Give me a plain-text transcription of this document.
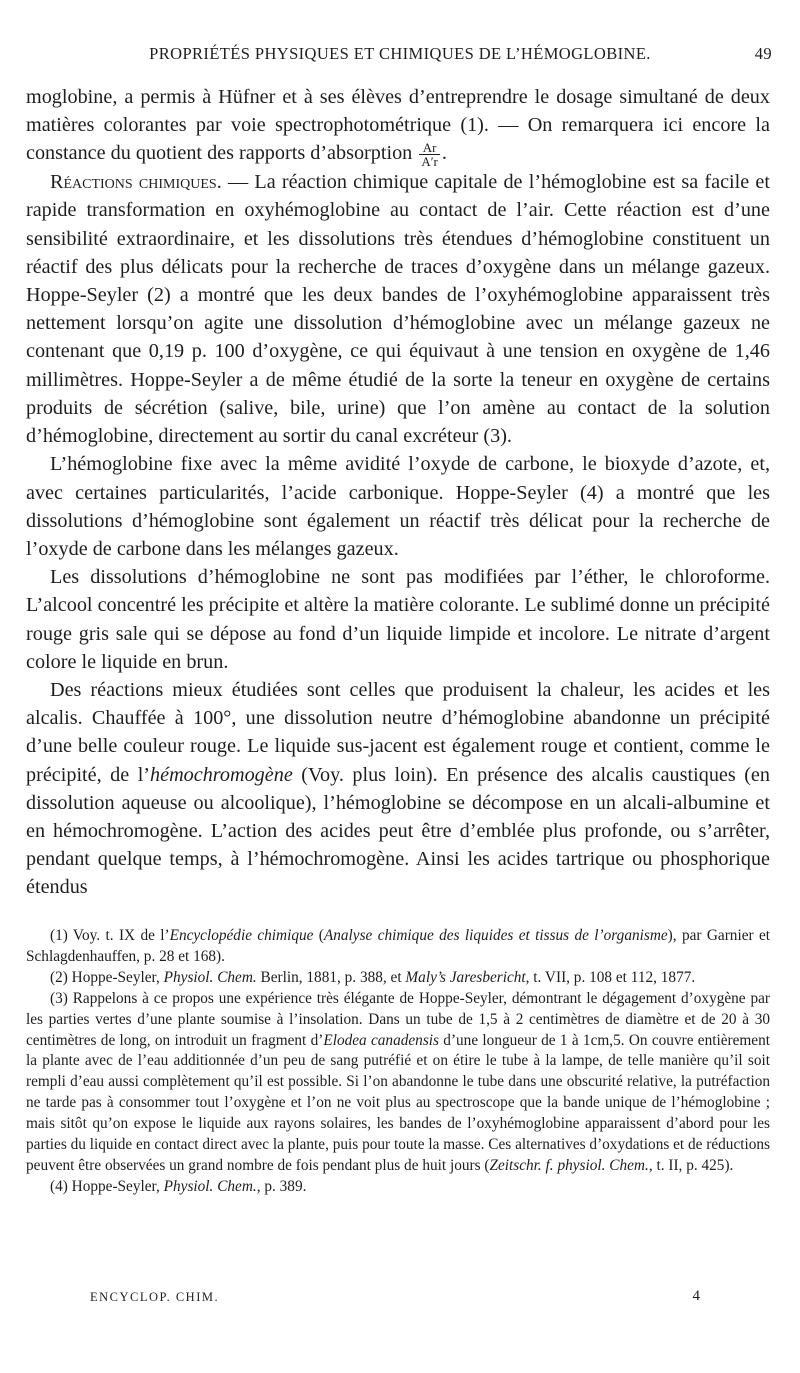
PROPRIÉTÉS PHYSIQUES ET CHIMIQUES DE L’HÉMOGLOBINE.	49

moglobine, a permis à Hüfner et à ses élèves d’entreprendre le dosage simultané de deux matières colorantes par voie spectrophotométrique (1). — On remarquera ici encore la constance du quotient des rapports d’absorption $\frac{Ar}{A'r}$ .

Réactions chimiques. — La réaction chimique capitale de l’hémoglobine est sa facile et rapide transformation en oxyhémoglobine au contact de l’air. Cette réaction est d’une sensibilité extraordinaire, et les dissolutions très étendues d’hémoglobine constituent un réactif des plus délicats pour la recherche de traces d’oxygène dans un mélange gazeux. Hoppe-Seyler (2) a montré que les deux bandes de l’oxyhémoglobine apparaissent très nettement lorsqu’on agite une dissolution d’hémoglobine avec un mélange gazeux ne contenant que 0,19 p. 100 d’oxygène, ce qui équivaut à une tension en oxygène de 1,46 millimètres. Hoppe-Seyler a de même étudié de la sorte la teneur en oxygène de certains produits de sécrétion (salive, bile, urine) que l’on amène au contact de la solution d’hémoglobine, directement au sortir du canal excréteur (3).

L’hémoglobine fixe avec la même avidité l’oxyde de carbone, le bioxyde d’azote, et, avec certaines particularités, l’acide carbonique. Hoppe-Seyler (4) a montré que les dissolutions d’hémoglobine sont également un réactif très délicat pour la recherche de l’oxyde de carbone dans les mélanges gazeux.

Les dissolutions d’hémoglobine ne sont pas modifiées par l’éther, le chloroforme. L’alcool concentré les précipite et altère la matière colorante. Le sublimé donne un précipité rouge gris sale qui se dépose au fond d’un liquide limpide et incolore. Le nitrate d’argent colore le liquide en brun.

Des réactions mieux étudiées sont celles que produisent la chaleur, les acides et les alcalis. Chauffée à 100°, une dissolution neutre d’hémoglobine abandonne un précipité d’une belle couleur rouge. Le liquide sus-jacent est également rouge et contient, comme le précipité, de l’hémochromogène (Voy. plus loin). En présence des alcalis caustiques (en dissolution aqueuse ou alcoolique), l’hémoglobine se décompose en un alcali-albumine et en hémochromogène. L’action des acides peut être d’emblée plus profonde, ou s’arrêter, pendant quelque temps, à l’hémochromogène. Ainsi les acides tartrique ou phosphorique étendus

(1) Voy. t. IX de l’Encyclopédie chimique (Analyse chimique des liquides et tissus de l’organisme), par Garnier et Schlagdenhauffen, p. 28 et 168).

(2) Hoppe-Seyler, Physiol. Chem. Berlin, 1881, p. 388, et Maly’s Jaresbericht, t. VII, p. 108 et 112, 1877.

(3) Rappelons à ce propos une expérience très élégante de Hoppe-Seyler, démontrant le dégagement d’oxygène par les parties vertes d’une plante soumise à l’insolation. Dans un tube de 1,5 à 2 centimètres de diamètre et de 20 à 30 centimètres de long, on introduit un fragment d’Elodea canadensis d’une longueur de 1 à 1cm,5. On couvre entièrement la plante avec de l’eau additionnée d’un peu de sang putréfié et on étire le tube à la lampe, de telle manière qu’il soit rempli d’eau aussi complètement qu’il est possible. Si l’on abandonne le tube dans une obscurité relative, la putréfaction ne tarde pas à consommer tout l’oxygène et l’on ne voit plus au spectroscope que la bande unique de l’hémoglobine ; mais sitôt qu’on expose le liquide aux rayons solaires, les bandes de l’oxyhémoglobine apparaissent d’abord pour les parties du liquide en contact direct avec la plante, puis pour toute la masse. Ces alternatives d’oxydations et de réductions peuvent être observées un grand nombre de fois pendant plus de huit jours (Zeitschr. f. physiol. Chem., t. II, p. 425).

(4) Hoppe-Seyler, Physiol. Chem., p. 389.

ENCYCLOP. CHIM.	4
